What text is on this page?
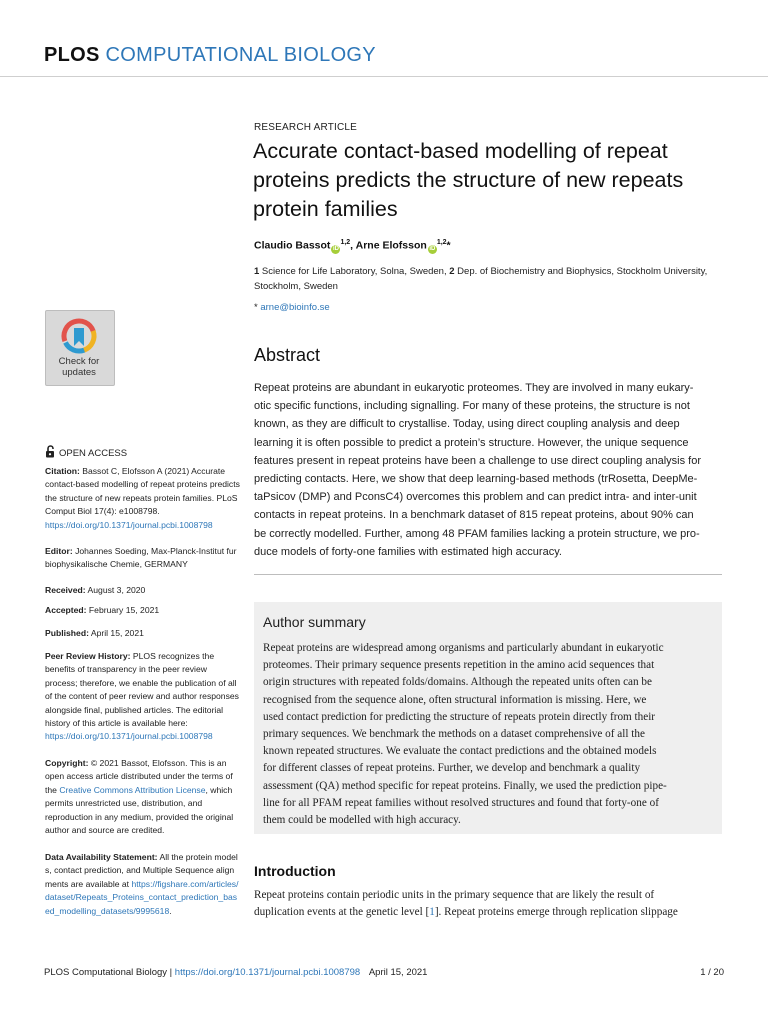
PLOS COMPUTATIONAL BIOLOGY
Check for
updates
OPEN ACCESS
Citation: Bassot C, Elofsson A (2021) Accurate contact-based modelling of repeat proteins predicts the structure of new repeats protein families. PLoS Comput Biol 17(4): e1008798. https://doi.org/10.1371/journal.pcbi.1008798
Editor: Johannes Soeding, Max-Planck-Institut fur biophysikalische Chemie, GERMANY
Received: August 3, 2020
Accepted: February 15, 2021
Published: April 15, 2021
Peer Review History: PLOS recognizes the benefits of transparency in the peer review process; therefore, we enable the publication of all of the content of peer review and author responses alongside final, published articles. The editorial history of this article is available here: https://doi.org/10.1371/journal.pcbi.1008798
Copyright: © 2021 Bassot, Elofsson. This is an open access article distributed under the terms of the Creative Commons Attribution License, which permits unrestricted use, distribution, and reproduction in any medium, provided the original author and source are credited.
Data Availability Statement: All the protein models, contact prediction, and Multiple Sequence alignments are available at https://figshare.com/articles/dataset/Repeats_Proteins_contact_prediction_based_modelling_datasets/9995618.
RESEARCH ARTICLE
Accurate contact-based modelling of repeat proteins predicts the structure of new repeats protein families
Claudio Bassot iD$^{1,2}$, Arne Elofsson iD$^{1,2}$*
1 Science for Life Laboratory, Solna, Sweden, 2 Dep. of Biochemistry and Biophysics, Stockholm University, Stockholm, Sweden
* arne@bioinfo.se
Abstract
Repeat proteins are abundant in eukaryotic proteomes. They are involved in many eukary-
otic specific functions, including signalling. For many of these proteins, the structure is not
known, as they are difficult to crystallise. Today, using direct coupling analysis and deep
learning it is often possible to predict a protein’s structure. However, the unique sequence
features present in repeat proteins have been a challenge to use direct coupling analysis for
predicting contacts. Here, we show that deep learning-based methods (trRosetta, DeepMe-
taPsicov (DMP) and PconsC4) overcomes this problem and can predict intra- and inter-unit
contacts in repeat proteins. In a benchmark dataset of 815 repeat proteins, about 90% can
be correctly modelled. Further, among 48 PFAM families lacking a protein structure, we pro-
duce models of forty-one families with estimated high accuracy.
Author summary
Repeat proteins are widespread among organisms and particularly abundant in eukaryotic
proteomes. Their primary sequence presents repetition in the amino acid sequences that
origin structures with repeated folds/domains. Although the repeated units often can be
recognised from the sequence alone, often structural information is missing. Here, we
used contact prediction for predicting the structure of repeats protein directly from their
primary sequences. We benchmark the methods on a dataset comprehensive of all the
known repeated structures. We evaluate the contact predictions and the obtained models
for different classes of repeat proteins. Further, we develop and benchmark a quality
assessment (QA) method specific for repeat proteins. Finally, we used the prediction pipe-
line for all PFAM repeat families without resolved structures and found that forty-one of
them could be modelled with high accuracy.
Introduction
Repeat proteins contain periodic units in the primary sequence that are likely the result of
duplication events at the genetic level [1]. Repeat proteins emerge through replication slippage
PLOS Computational Biology | https://doi.org/10.1371/journal.pcbi.1008798 April 15, 2021	1 / 20
